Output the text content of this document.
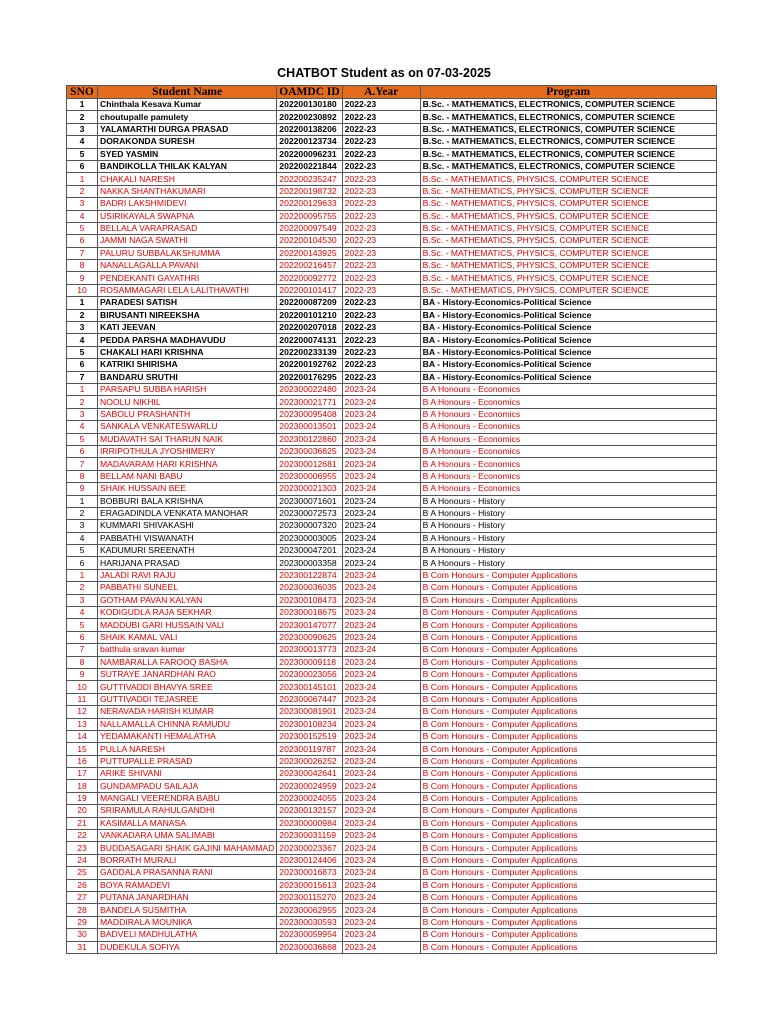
CHATBOT Student as on 07-03-2025
SNO	Student Name	OAMDC ID	A.Year	Program
1	Chinthala Kesava Kumar	202200130180	2022-23	B.Sc. - MATHEMATICS, ELECTRONICS, COMPUTER SCIENCE
2	choutupalle pamulety	202200230892	2022-23	B.Sc. - MATHEMATICS, ELECTRONICS, COMPUTER SCIENCE
3	YALAMARTHI DURGA PRASAD	202200138206	2022-23	B.Sc. - MATHEMATICS, ELECTRONICS, COMPUTER SCIENCE
4	DORAKONDA SURESH	202200123734	2022-23	B.Sc. - MATHEMATICS, ELECTRONICS, COMPUTER SCIENCE
5	SYED YASMIN	202200096231	2022-23	B.Sc. - MATHEMATICS, ELECTRONICS, COMPUTER SCIENCE
6	BANDIKOLLA THILAK KALYAN	202200221844	2022-23	B.Sc. - MATHEMATICS, ELECTRONICS, COMPUTER SCIENCE
1	CHAKALI NARESH	202200235247	2022-23	B.Sc. - MATHEMATICS, PHYSICS, COMPUTER SCIENCE
2	NAKKA SHANTHAKUMARI	202200198732	2022-23	B.Sc. - MATHEMATICS, PHYSICS, COMPUTER SCIENCE
3	BADRI LAKSHMIDEVI	202200129633	2022-23	B.Sc. - MATHEMATICS, PHYSICS, COMPUTER SCIENCE
4	USIRIKAYALA SWAPNA	202200095755	2022-23	B.Sc. - MATHEMATICS, PHYSICS, COMPUTER SCIENCE
5	BELLALA VARAPRASAD	202200097549	2022-23	B.Sc. - MATHEMATICS, PHYSICS, COMPUTER SCIENCE
6	JAMMI NAGA SWATHI	202200104530	2022-23	B.Sc. - MATHEMATICS, PHYSICS, COMPUTER SCIENCE
7	PALURU SUBBALAKSHUMMA	202200143925	2022-23	B.Sc. - MATHEMATICS, PHYSICS, COMPUTER SCIENCE
8	NANALLAGALLA PAVANI	202200216457	2022-23	B.Sc. - MATHEMATICS, PHYSICS, COMPUTER SCIENCE
9	PENDEKANTI GAYATHRI	202200092772	2022-23	B.Sc. - MATHEMATICS, PHYSICS, COMPUTER SCIENCE
10	ROSAMMAGARI LELA LALITHAVATHI	202200101417	2022-23	B.Sc. - MATHEMATICS, PHYSICS, COMPUTER SCIENCE
1	PARADESI SATISH	202200087209	2022-23	BA - History-Economics-Political Science
2	BIRUSANTI NIREEKSHA	202200101210	2022-23	BA - History-Economics-Political Science
3	KATI JEEVAN	202200207018	2022-23	BA - History-Economics-Political Science
4	PEDDA PARSHA MADHAVUDU	202200074131	2022-23	BA - History-Economics-Political Science
5	CHAKALI HARI KRISHNA	202200233139	2022-23	BA - History-Economics-Political Science
6	KATRIKI SHIRISHA	202200192762	2022-23	BA - History-Economics-Political Science
7	BANDARU SRUTHI	202200176295	2022-23	BA - History-Economics-Political Science
1	PARSAPU SUBBA HARISH	202300022480	2023-24	B A Honours - Economics
2	NOOLU NIKHIL	202300021771	2023-24	B A Honours - Economics
3	SABOLU PRASHANTH	202300095408	2023-24	B A Honours - Economics
4	SANKALA VENKATESWARLU	202300013501	2023-24	B A Honours - Economics
5	MUDAVATH SAI THARUN NAIK	202300122860	2023-24	B A Honours - Economics
6	IRRIPOTHULA JYOSHIMERY	202300036825	2023-24	B A Honours - Economics
7	MADAVARAM HARI KRISHNA	202300012681	2023-24	B A Honours - Economics
8	BELLAM NANI BABU	202300006955	2023-24	B A Honours - Economics
9	SHAIK HUSSAIN BEE	202300021303	2023-24	B A Honours - Economics
1	BOBBURI BALA KRISHNA	202300071601	2023-24	B A Honours - History
2	ERAGADINDLA VENKATA MANOHAR	202300072573	2023-24	B A Honours - History
3	KUMMARI SHIVAKASHI	202300007320	2023-24	B A Honours - History
4	PABBATHI VISWANATH	202300003005	2023-24	B A Honours - History
5	KADUMURI SREENATH	202300047201	2023-24	B A Honours - History
6	HARIJANA PRASAD	202300003358	2023-24	B A Honours - History
1	JALADI RAVI RAJU	202300122874	2023-24	B Com Honours - Computer Applications
2	PABBATHI SUNEEL	202300036035	2023-24	B Com Honours - Computer Applications
3	GOTHAM PAVAN KALYAN	202300108473	2023-24	B Com Honours - Computer Applications
4	KODIGUDLA RAJA SEKHAR	202300018675	2023-24	B Com Honours - Computer Applications
5	MADDUBI GARI HUSSAIN VALI	202300147077	2023-24	B Com Honours - Computer Applications
6	SHAIK KAMAL VALI	202300090625	2023-24	B Com Honours - Computer Applications
7	batthula sravan kumar	202300013773	2023-24	B Com Honours - Computer Applications
8	NAMBARALLA FAROOQ BASHA	202300009118	2023-24	B Com Honours - Computer Applications
9	SUTRAYE JANARDHAN RAO	202300023056	2023-24	B Com Honours - Computer Applications
10	GUTTIVADDI BHAVYA SREE	202300145101	2023-24	B Com Honours - Computer Applications
11	GUTTIVADDI TEJASREE	202300067447	2023-24	B Com Honours - Computer Applications
12	NERAVADA HARISH KUMAR	202300081901	2023-24	B Com Honours - Computer Applications
13	NALLAMALLA CHINNA RAMUDU	202300108234	2023-24	B Com Honours - Computer Applications
14	YEDAMAKANTI HEMALATHA	202300152519	2023-24	B Com Honours - Computer Applications
15	PULLA NARESH	202300119787	2023-24	B Com Honours - Computer Applications
16	PUTTUPALLE PRASAD	202300026252	2023-24	B Com Honours - Computer Applications
17	ARIKE SHIVANI	202300042641	2023-24	B Com Honours - Computer Applications
18	GUNDAMPADU SAILAJA	202300024959	2023-24	B Com Honours - Computer Applications
19	MANGALI VEERENDRA BABU	202300024055	2023-24	B Com Honours - Computer Applications
20	SRIRAMULA RAHULGANDHI	202300132157	2023-24	B Com Honours - Computer Applications
21	KASIMALLA MANASA	202300000984	2023-24	B Com Honours - Computer Applications
22	VANKADARA UMA SALIMABI	202300031159	2023-24	B Com Honours - Computer Applications
23	BUDDASAGARI SHAIK GAJINI MAHAMMAD	202300023367	2023-24	B Com Honours - Computer Applications
24	BORRATH MURALI	202300124406	2023-24	B Com Honours - Computer Applications
25	GADDALA PRASANNA RANI	202300016873	2023-24	B Com Honours - Computer Applications
26	BOYA RAMADEVI	202300015613	2023-24	B Com Honours - Computer Applications
27	PUTANA JANARDHAN	202300115270	2023-24	B Com Honours - Computer Applications
28	BANDELA SUSMITHA	202300062955	2023-24	B Com Honours - Computer Applications
29	MADDIRALA MOUNIKA	202300030593	2023-24	B Com Honours - Computer Applications
30	BADVELI MADHULATHA	202300059954	2023-24	B Com Honours - Computer Applications
31	DUDEKULA SOFIYA	202300036868	2023-24	B Com Honours - Computer Applications
